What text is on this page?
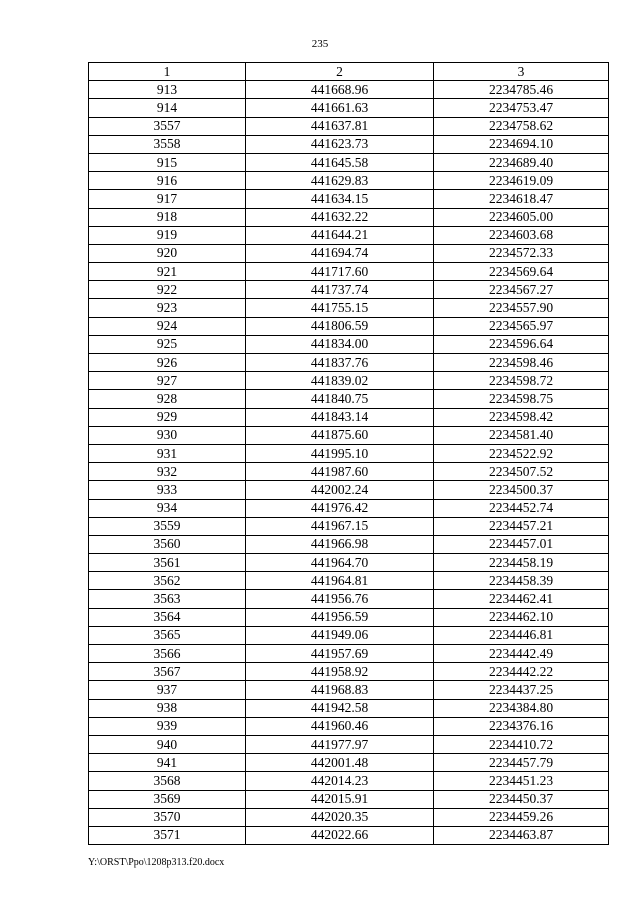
235
1	2	3
913	441668.96	2234785.46
914	441661.63	2234753.47
3557	441637.81	2234758.62
3558	441623.73	2234694.10
915	441645.58	2234689.40
916	441629.83	2234619.09
917	441634.15	2234618.47
918	441632.22	2234605.00
919	441644.21	2234603.68
920	441694.74	2234572.33
921	441717.60	2234569.64
922	441737.74	2234567.27
923	441755.15	2234557.90
924	441806.59	2234565.97
925	441834.00	2234596.64
926	441837.76	2234598.46
927	441839.02	2234598.72
928	441840.75	2234598.75
929	441843.14	2234598.42
930	441875.60	2234581.40
931	441995.10	2234522.92
932	441987.60	2234507.52
933	442002.24	2234500.37
934	441976.42	2234452.74
3559	441967.15	2234457.21
3560	441966.98	2234457.01
3561	441964.70	2234458.19
3562	441964.81	2234458.39
3563	441956.76	2234462.41
3564	441956.59	2234462.10
3565	441949.06	2234446.81
3566	441957.69	2234442.49
3567	441958.92	2234442.22
937	441968.83	2234437.25
938	441942.58	2234384.80
939	441960.46	2234376.16
940	441977.97	2234410.72
941	442001.48	2234457.79
3568	442014.23	2234451.23
3569	442015.91	2234450.37
3570	442020.35	2234459.26
3571	442022.66	2234463.87
Y:\ORST\Ppo\1208p313.f20.docx
